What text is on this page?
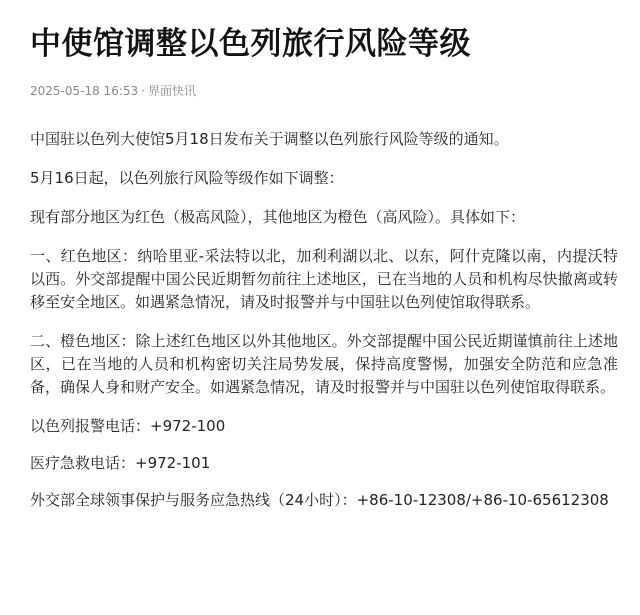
中使馆调整以色列旅行风险等级
2025-05-18 16:53 · 界面快讯

中国驻以色列大使馆5月18日发布关于调整以色列旅行风险等级的通知。

5月16日起，以色列旅行风险等级作如下调整：

现有部分地区为红色（极高风险），其他地区为橙色（高风险）。具体如下：

一、红色地区：纳哈里亚-采法特以北，加利利湖以北、以东，阿什克隆以南，内提沃特以西。外交部提醒中国公民近期暂勿前往上述地区，已在当地的人员和机构尽快撤离或转移至安全地区。如遇紧急情况，请及时报警并与中国驻以色列使馆取得联系。

二、橙色地区：除上述红色地区以外其他地区。外交部提醒中国公民近期谨慎前往上述地区，已在当地的人员和机构密切关注局势发展，保持高度警惕，加强安全防范和应急准备，确保人身和财产安全。如遇紧急情况，请及时报警并与中国驻以色列使馆取得联系。

以色列报警电话：+972-100

医疗急救电话：+972-101

外交部全球领事保护与服务应急热线（24小时）：+86-10-12308/+86-10-65612308
